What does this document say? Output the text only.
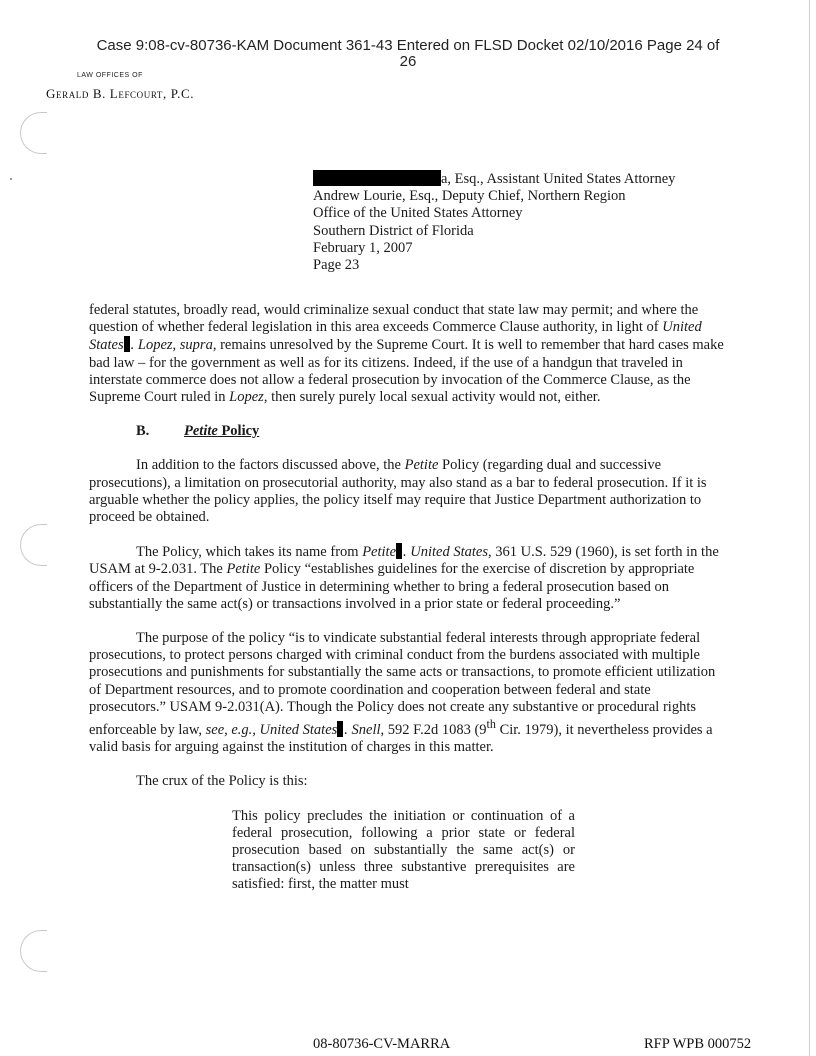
Case 9:08-cv-80736-KAM Document 361-43 Entered on FLSD Docket 02/10/2016 Page 24 of
26
LAW OFFICES OF
Gerald B. Lefcourt, P.C.
a, Esq., Assistant United States Attorney
Andrew Lourie, Esq., Deputy Chief, Northern Region
Office of the United States Attorney
Southern District of Florida
February 1, 2007
Page 23

federal statutes, broadly read, would criminalize sexual conduct that state law may permit; and where the question of whether federal legislation in this area exceeds Commerce Clause authority, in light of United States . Lopez, supra, remains unresolved by the Supreme Court. It is well to remember that hard cases make bad law – for the government as well as for its citizens. Indeed, if the use of a handgun that traveled in interstate commerce does not allow a federal prosecution by invocation of the Commerce Clause, as the Supreme Court ruled in Lopez, then surely purely local sexual activity would not, either.

B. Petite Policy

In addition to the factors discussed above, the Petite Policy (regarding dual and successive prosecutions), a limitation on prosecutorial authority, may also stand as a bar to federal prosecution. If it is arguable whether the policy applies, the policy itself may require that Justice Department authorization to proceed be obtained.

The Policy, which takes its name from Petite . United States, 361 U.S. 529 (1960), is set forth in the USAM at 9-2.031. The Petite Policy “establishes guidelines for the exercise of discretion by appropriate officers of the Department of Justice in determining whether to bring a federal prosecution based on substantially the same act(s) or transactions involved in a prior state or federal proceeding.”

The purpose of the policy “is to vindicate substantial federal interests through appropriate federal prosecutions, to protect persons charged with criminal conduct from the burdens associated with multiple prosecutions and punishments for substantially the same acts or transactions, to promote efficient utilization of Department resources, and to promote coordination and cooperation between federal and state prosecutors.” USAM 9-2.031(A). Though the Policy does not create any substantive or procedural rights enforceable by law, see, e.g., United States . Snell, 592 F.2d 1083 (9th Cir. 1979), it nevertheless provides a valid basis for arguing against the institution of charges in this matter.

The crux of the Policy is this:

This policy precludes the initiation or continuation of a federal prosecution, following a prior state or federal prosecution based on substantially the same act(s) or transaction(s) unless three substantive prerequisites are satisfied: first, the matter must
08-80736-CV-MARRA	RFP WPB 000752
